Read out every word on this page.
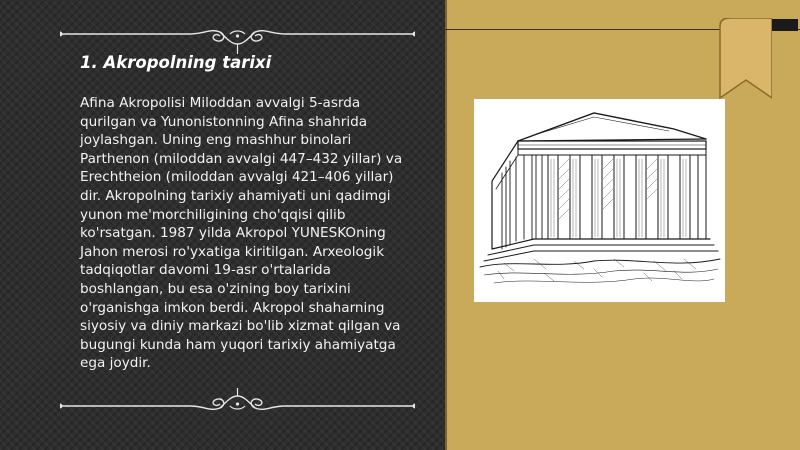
1. Akropolning tarixi

Afina Akropolisi Miloddan avvalgi 5-asrda qurilgan va Yunonistonning Afina shahrida joylashgan. Uning eng mashhur binolari Parthenon (miloddan avvalgi 447–432 yillar) va Erechtheion (miloddan avvalgi 421–406 yillar) dir. Akropolning tarixiy ahamiyati uni qadimgi yunon me'morchiligining cho'qqisi qilib ko'rsatgan. 1987 yilda Akropol YUNESKOning Jahon merosi ro'yxatiga kiritilgan. Arxeologik tadqiqotlar davomi 19-asr o'rtalarida boshlangan, bu esa o'zining boy tarixini o'rganishga imkon berdi. Akropol shaharning siyosiy va diniy markazi bo'lib xizmat qilgan va bugungi kunda ham yuqori tarixiy ahamiyatga ega joydir.
